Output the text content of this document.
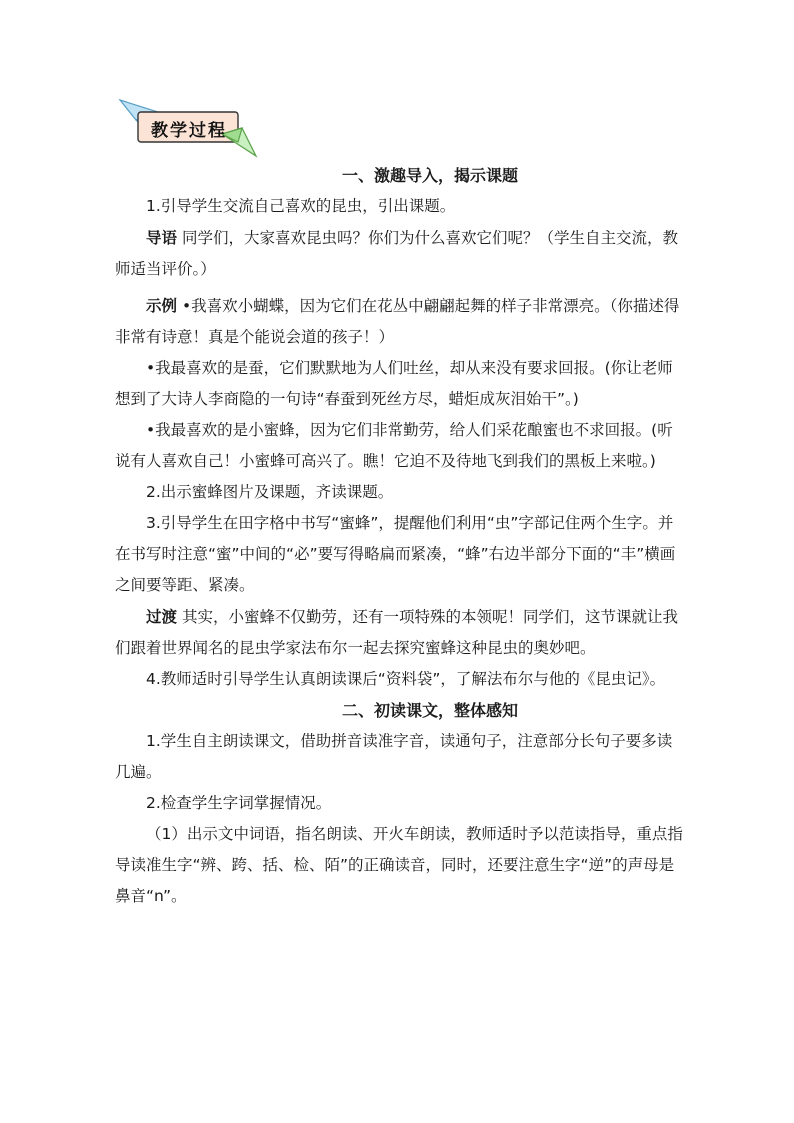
教学过程

一、激趣导入，揭示课题

1.引导学生交流自己喜欢的昆虫，引出课题。

导语 同学们，大家喜欢昆虫吗？你们为什么喜欢它们呢？（学生自主交流，教师适当评价。）

示例 •我喜欢小蝴蝶，因为它们在花丛中翩翩起舞的样子非常漂亮。（你描述得非常有诗意！真是个能说会道的孩子！）

•我最喜欢的是蚕，它们默默地为人们吐丝，却从来没有要求回报。(你让老师想到了大诗人李商隐的一句诗“春蚕到死丝方尽，蜡炬成灰泪始干”。)

•我最喜欢的是小蜜蜂，因为它们非常勤劳，给人们采花酿蜜也不求回报。(听说有人喜欢自己！小蜜蜂可高兴了。瞧！它迫不及待地飞到我们的黑板上来啦。)

2.出示蜜蜂图片及课题，齐读课题。

3.引导学生在田字格中书写“蜜蜂”，提醒他们利用“虫”字部记住两个生字。并在书写时注意“蜜”中间的“必”要写得略扁而紧凑，“蜂”右边半部分下面的“丰”横画之间要等距、紧凑。

过渡 其实，小蜜蜂不仅勤劳，还有一项特殊的本领呢！同学们，这节课就让我们跟着世界闻名的昆虫学家法布尔一起去探究蜜蜂这种昆虫的奥妙吧。

4.教师适时引导学生认真朗读课后“资料袋”，了解法布尔与他的《昆虫记》。

二、初读课文，整体感知

1.学生自主朗读课文，借助拼音读准字音，读通句子，注意部分长句子要多读几遍。

2.检查学生字词掌握情况。

（1）出示文中词语，指名朗读、开火车朗读，教师适时予以范读指导，重点指导读准生字“辨、跨、括、检、陌”的正确读音，同时，还要注意生字“逆”的声母是鼻音“n”。
